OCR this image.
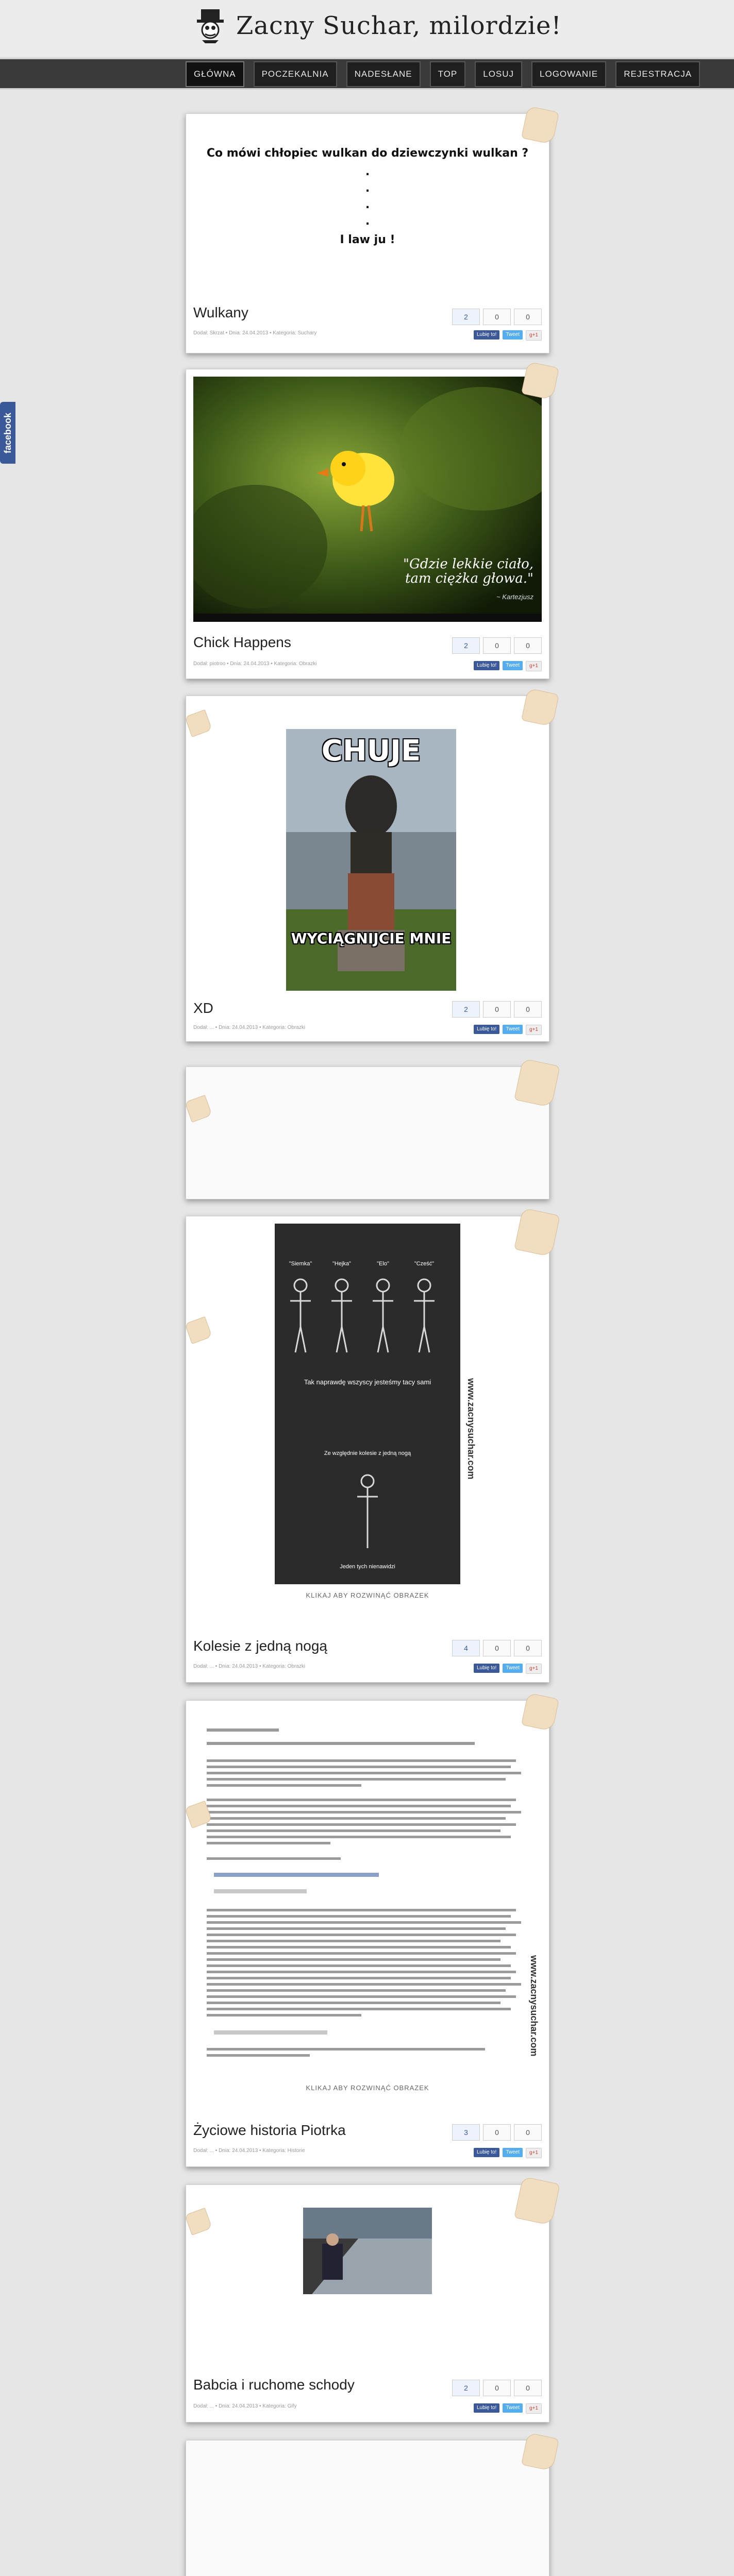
Zacny Suchar, milordzie!
GŁÓWNA	POCZEKALNIA	NADESŁANE	TOP	LOSUJ	LOGOWANIE	REJESTRACJA
facebook
Co mówi chłopiec wulkan do dziewczynki wulkan ?
.
.
.
.
I law ju !
Wulkany
Dodał: Skrzat • Dnia: 24.04.2013 • Kategoria: Suchary
2	0	0
Lubię to!	Tweet	g+1
"Gdzie lekkie ciało, tam ciężka głowa."
~ Kartezjusz
Chick Happens
Dodał: piotroo • Dnia: 24.04.2013 • Kategoria: Obrazki
2	0	0
Lubię to!	Tweet	g+1
CHUJE
WYCIĄGNIJCIE MNIE
XD
Dodał: ... • Dnia: 24.04.2013 • Kategoria: Obrazki
2	0	0
Lubię to!	Tweet	g+1
"Siemka"	"Hejka"	"Elo"	"Cześć"
Tak naprawdę wszyscy jesteśmy tacy sami
Ze względnie kolesie z jedną nogą
Jeden tych nienawidzi
www.zacnysuchar.com
KLIKAJ ABY ROZWINĄĆ OBRAZEK
Kolesie z jedną nogą
Dodał: ... • Dnia: 24.04.2013 • Kategoria: Obrazki
4	0	0
Lubię to!	Tweet	g+1
www.zacnysuchar.com
KLIKAJ ABY ROZWINĄĆ OBRAZEK
Życiowe historia Piotrka
Dodał: ... • Dnia: 24.04.2013 • Kategoria: Historie
3	0	0
Lubię to!	Tweet	g+1
Babcia i ruchome schody
Dodał: ... • Dnia: 24.04.2013 • Kategoria: Gify
2	0	0
Lubię to!	Tweet	g+1
